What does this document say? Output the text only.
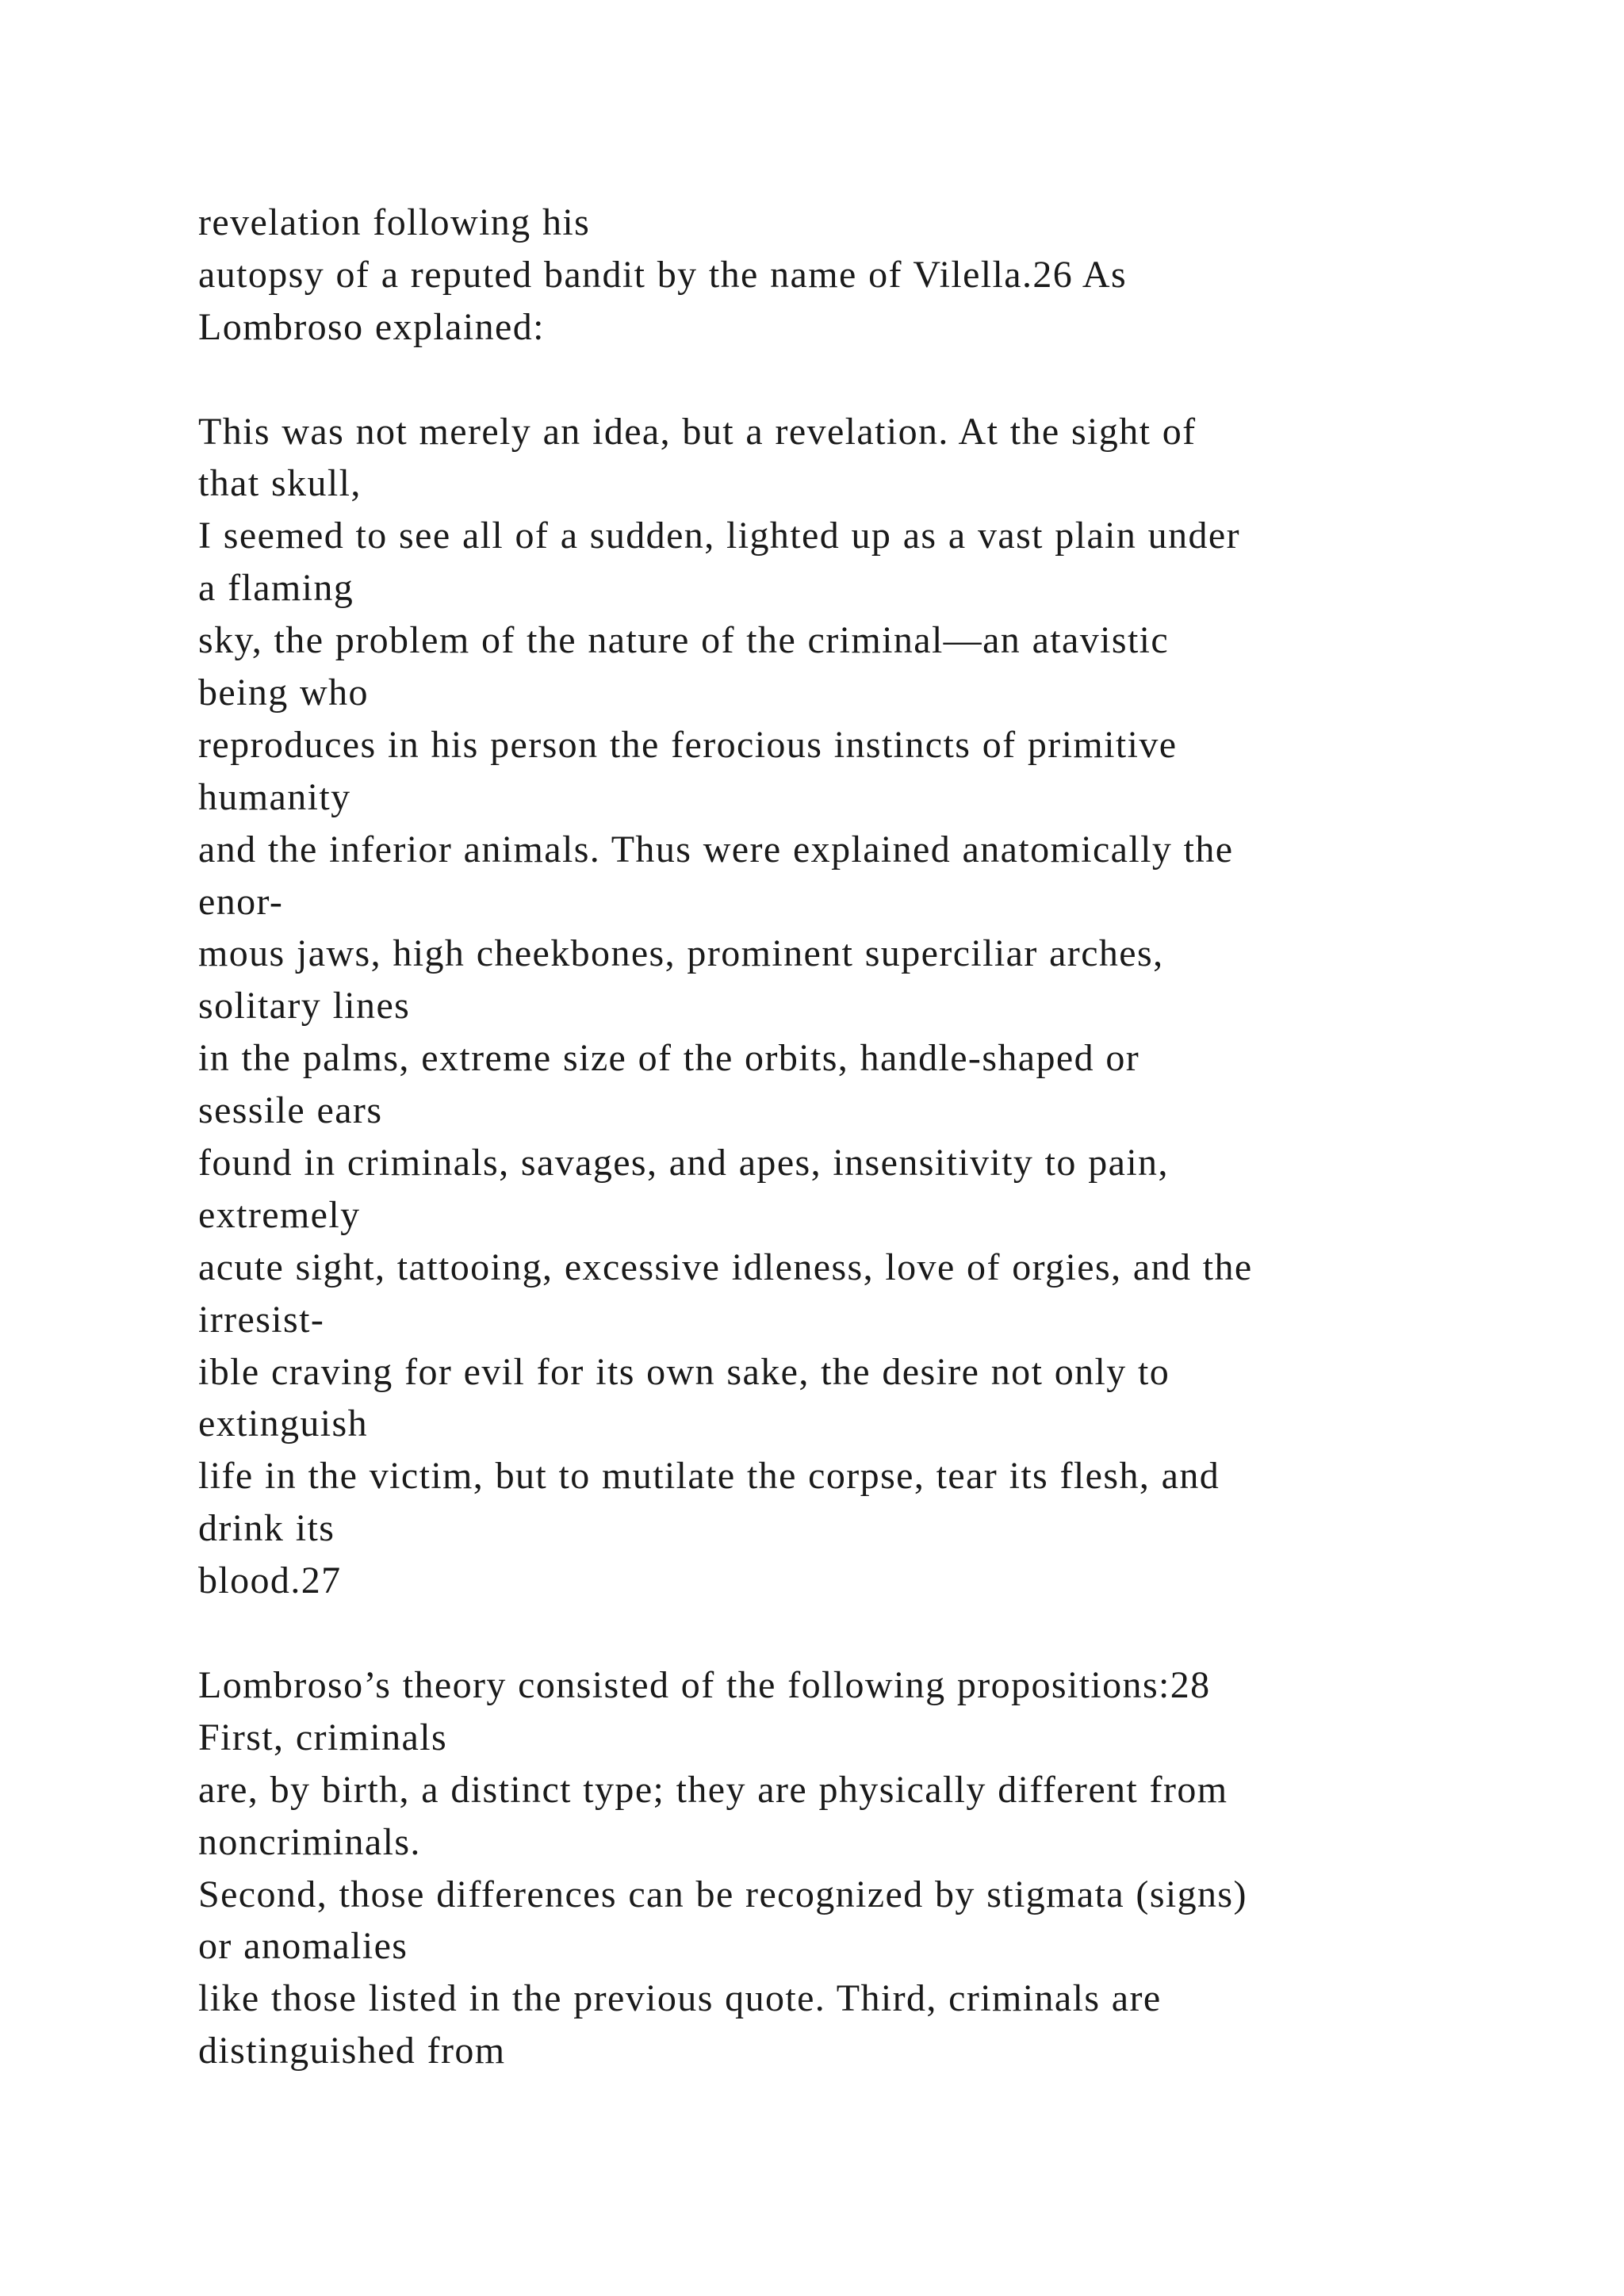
revelation following his
autopsy of a reputed bandit by the name of Vilella.26 As
Lombroso explained:
This was not merely an idea, but a revelation. At the sight of
that skull,
I seemed to see all of a sudden, lighted up as a vast plain under
a flaming
sky, the problem of the nature of the criminal—an atavistic
being who
reproduces in his person the ferocious instincts of primitive
humanity
and the inferior animals. Thus were explained anatomically the
enor-
mous jaws, high cheekbones, prominent superciliar arches,
solitary lines
in the palms, extreme size of the orbits, handle-shaped or
sessile ears
found in criminals, savages, and apes, insensitivity to pain,
extremely
acute sight, tattooing, excessive idleness, love of orgies, and the
irresist-
ible craving for evil for its own sake, the desire not only to
extinguish
life in the victim, but to mutilate the corpse, tear its flesh, and
drink its
blood.27
Lombroso’s theory consisted of the following propositions:28
First, criminals
are, by birth, a distinct type; they are physically different from
noncriminals.
Second, those differences can be recognized by stigmata (signs)
or anomalies
like those listed in the previous quote. Third, criminals are
distinguished from
